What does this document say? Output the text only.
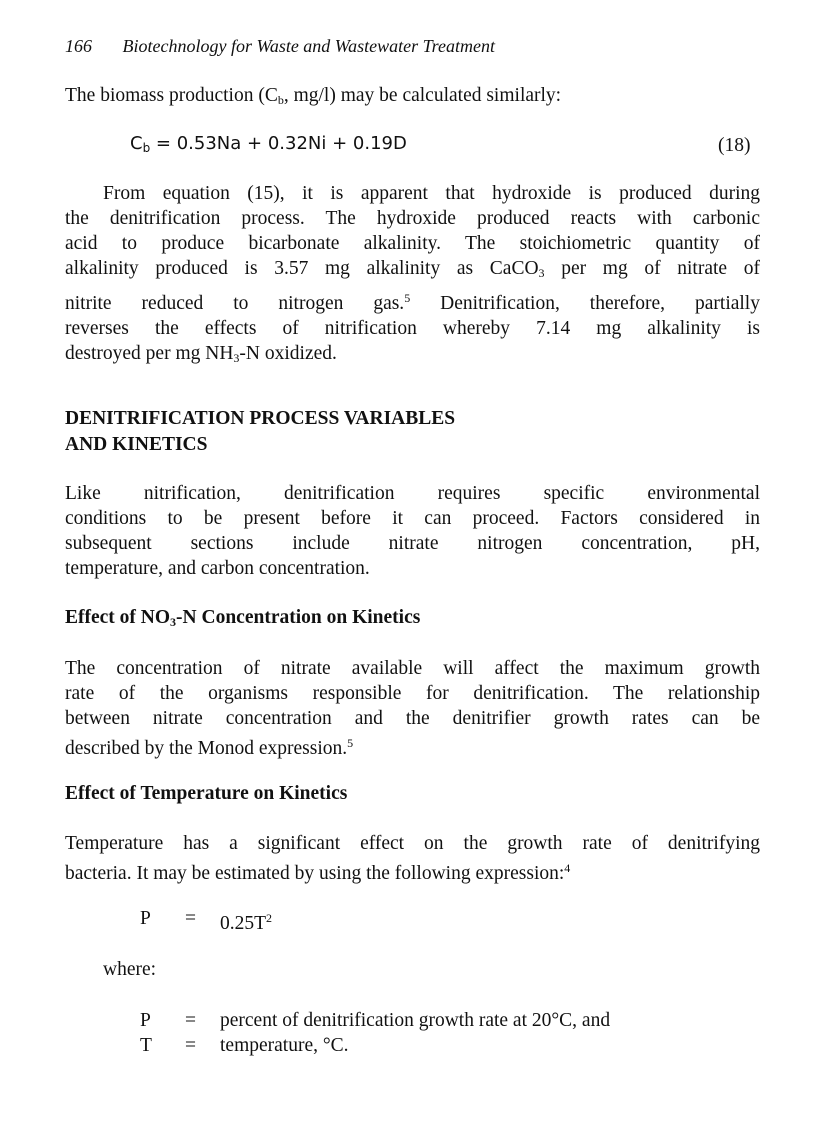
166 Biotechnology for Waste and Wastewater Treatment
The biomass production ($C_b$, mg/l) may be calculated similarly:
$C_b = 0.53Na + 0.32Ni + 0.19D$	(18)
From equation (15), it is apparent that hydroxide is produced during
the denitrification process. The hydroxide produced reacts with carbonic
acid to produce bicarbonate alkalinity. The stoichiometric quantity of
alkalinity produced is 3.57 mg alkalinity as CaCO$_3$ per mg of nitrate of
nitrite reduced to nitrogen gas.$^5$ Denitrification, therefore, partially
reverses the effects of nitrification whereby 7.14 mg alkalinity is
destroyed per mg $NH_3-N$ oxidized.
DENITRIFICATION PROCESS VARIABLES
AND KINETICS
Like nitrification, denitrification requires specific environmental
conditions to be present before it can proceed. Factors considered in
subsequent sections include nitrate nitrogen concentration, pH,
temperature, and carbon concentration.
Effect of $NO_3-N$ Concentration on Kinetics
The concentration of nitrate available will affect the maximum growth
rate of the organisms responsible for denitrification. The relationship
between nitrate concentration and the denitrifier growth rates can be
described by the Monod expression.$^5$
Effect of Temperature on Kinetics
Temperature has a significant effect on the growth rate of denitrifying
bacteria. It may be estimated by using the following expression:$^4$
$P = 0.25T^2$
where:
P = percent of denitrification growth rate at 20°C, and
T = temperature, °C.
